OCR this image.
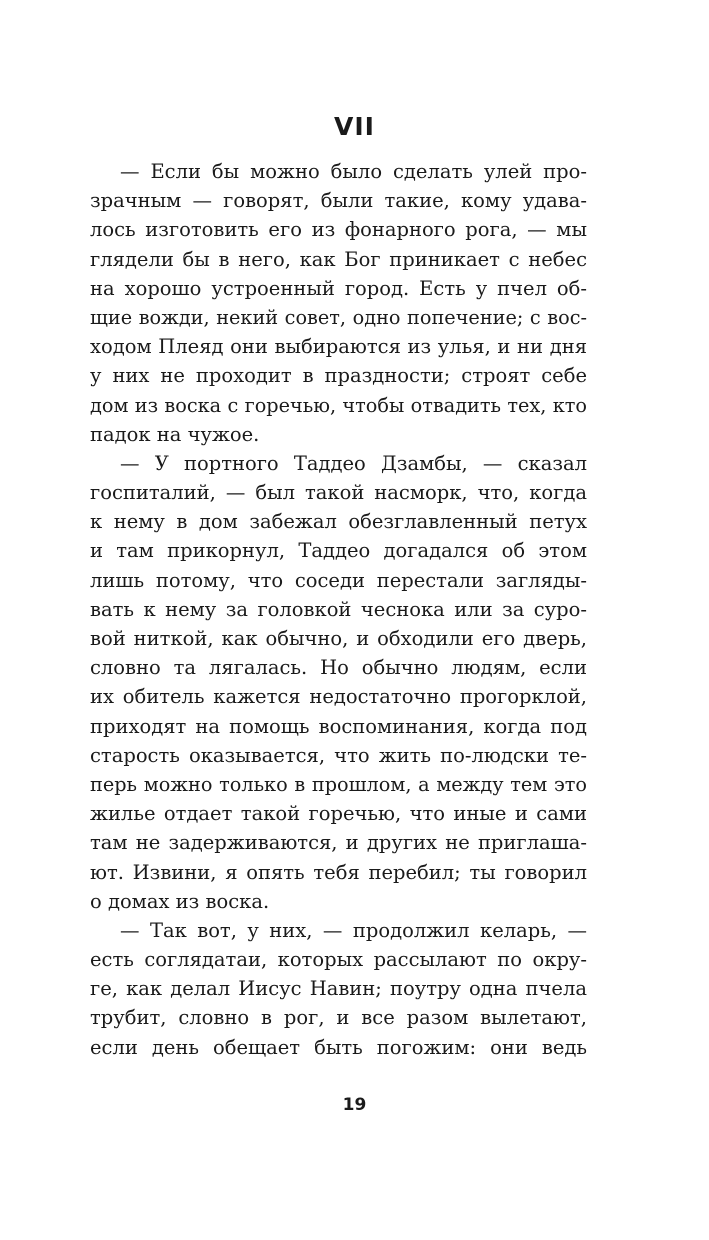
VII
— Если бы можно было сделать улей про-
зрачным — говорят, были такие, кому удава-
лось изготовить его из фонарного рога, — мы
глядели бы в него, как Бог приникает с небес
на хорошо устроенный город. Есть у пчел об-
щие вожди, некий совет, одно попечение; с вос-
ходом Плеяд они выбираются из улья, и ни дня
у них не проходит в праздности; строят себе
дом из воска с горечью, чтобы отвадить тех, кто
падок на чужое.
— У портного Таддео Дзамбы, — сказал
госпиталий, — был такой насморк, что, когда
к нему в дом забежал обезглавленный петух
и там прикорнул, Таддео догадался об этом
лишь потому, что соседи перестали загляды-
вать к нему за головкой чеснока или за суро-
вой ниткой, как обычно, и обходили его дверь,
словно та лягалась. Но обычно людям, если
их обитель кажется недостаточно прогорклой,
приходят на помощь воспоминания, когда под
старость оказывается, что жить по-людски те-
перь можно только в прошлом, а между тем это
жилье отдает такой горечью, что иные и сами
там не задерживаются, и других не приглаша-
ют. Извини, я опять тебя перебил; ты говорил
о домах из воска.
— Так вот, у них, — продолжил келарь, —
есть соглядатаи, которых рассылают по окру-
ге, как делал Иисус Навин; поутру одна пчела
трубит, словно в рог, и все разом вылетают,
если день обещает быть погожим: они ведь
19
